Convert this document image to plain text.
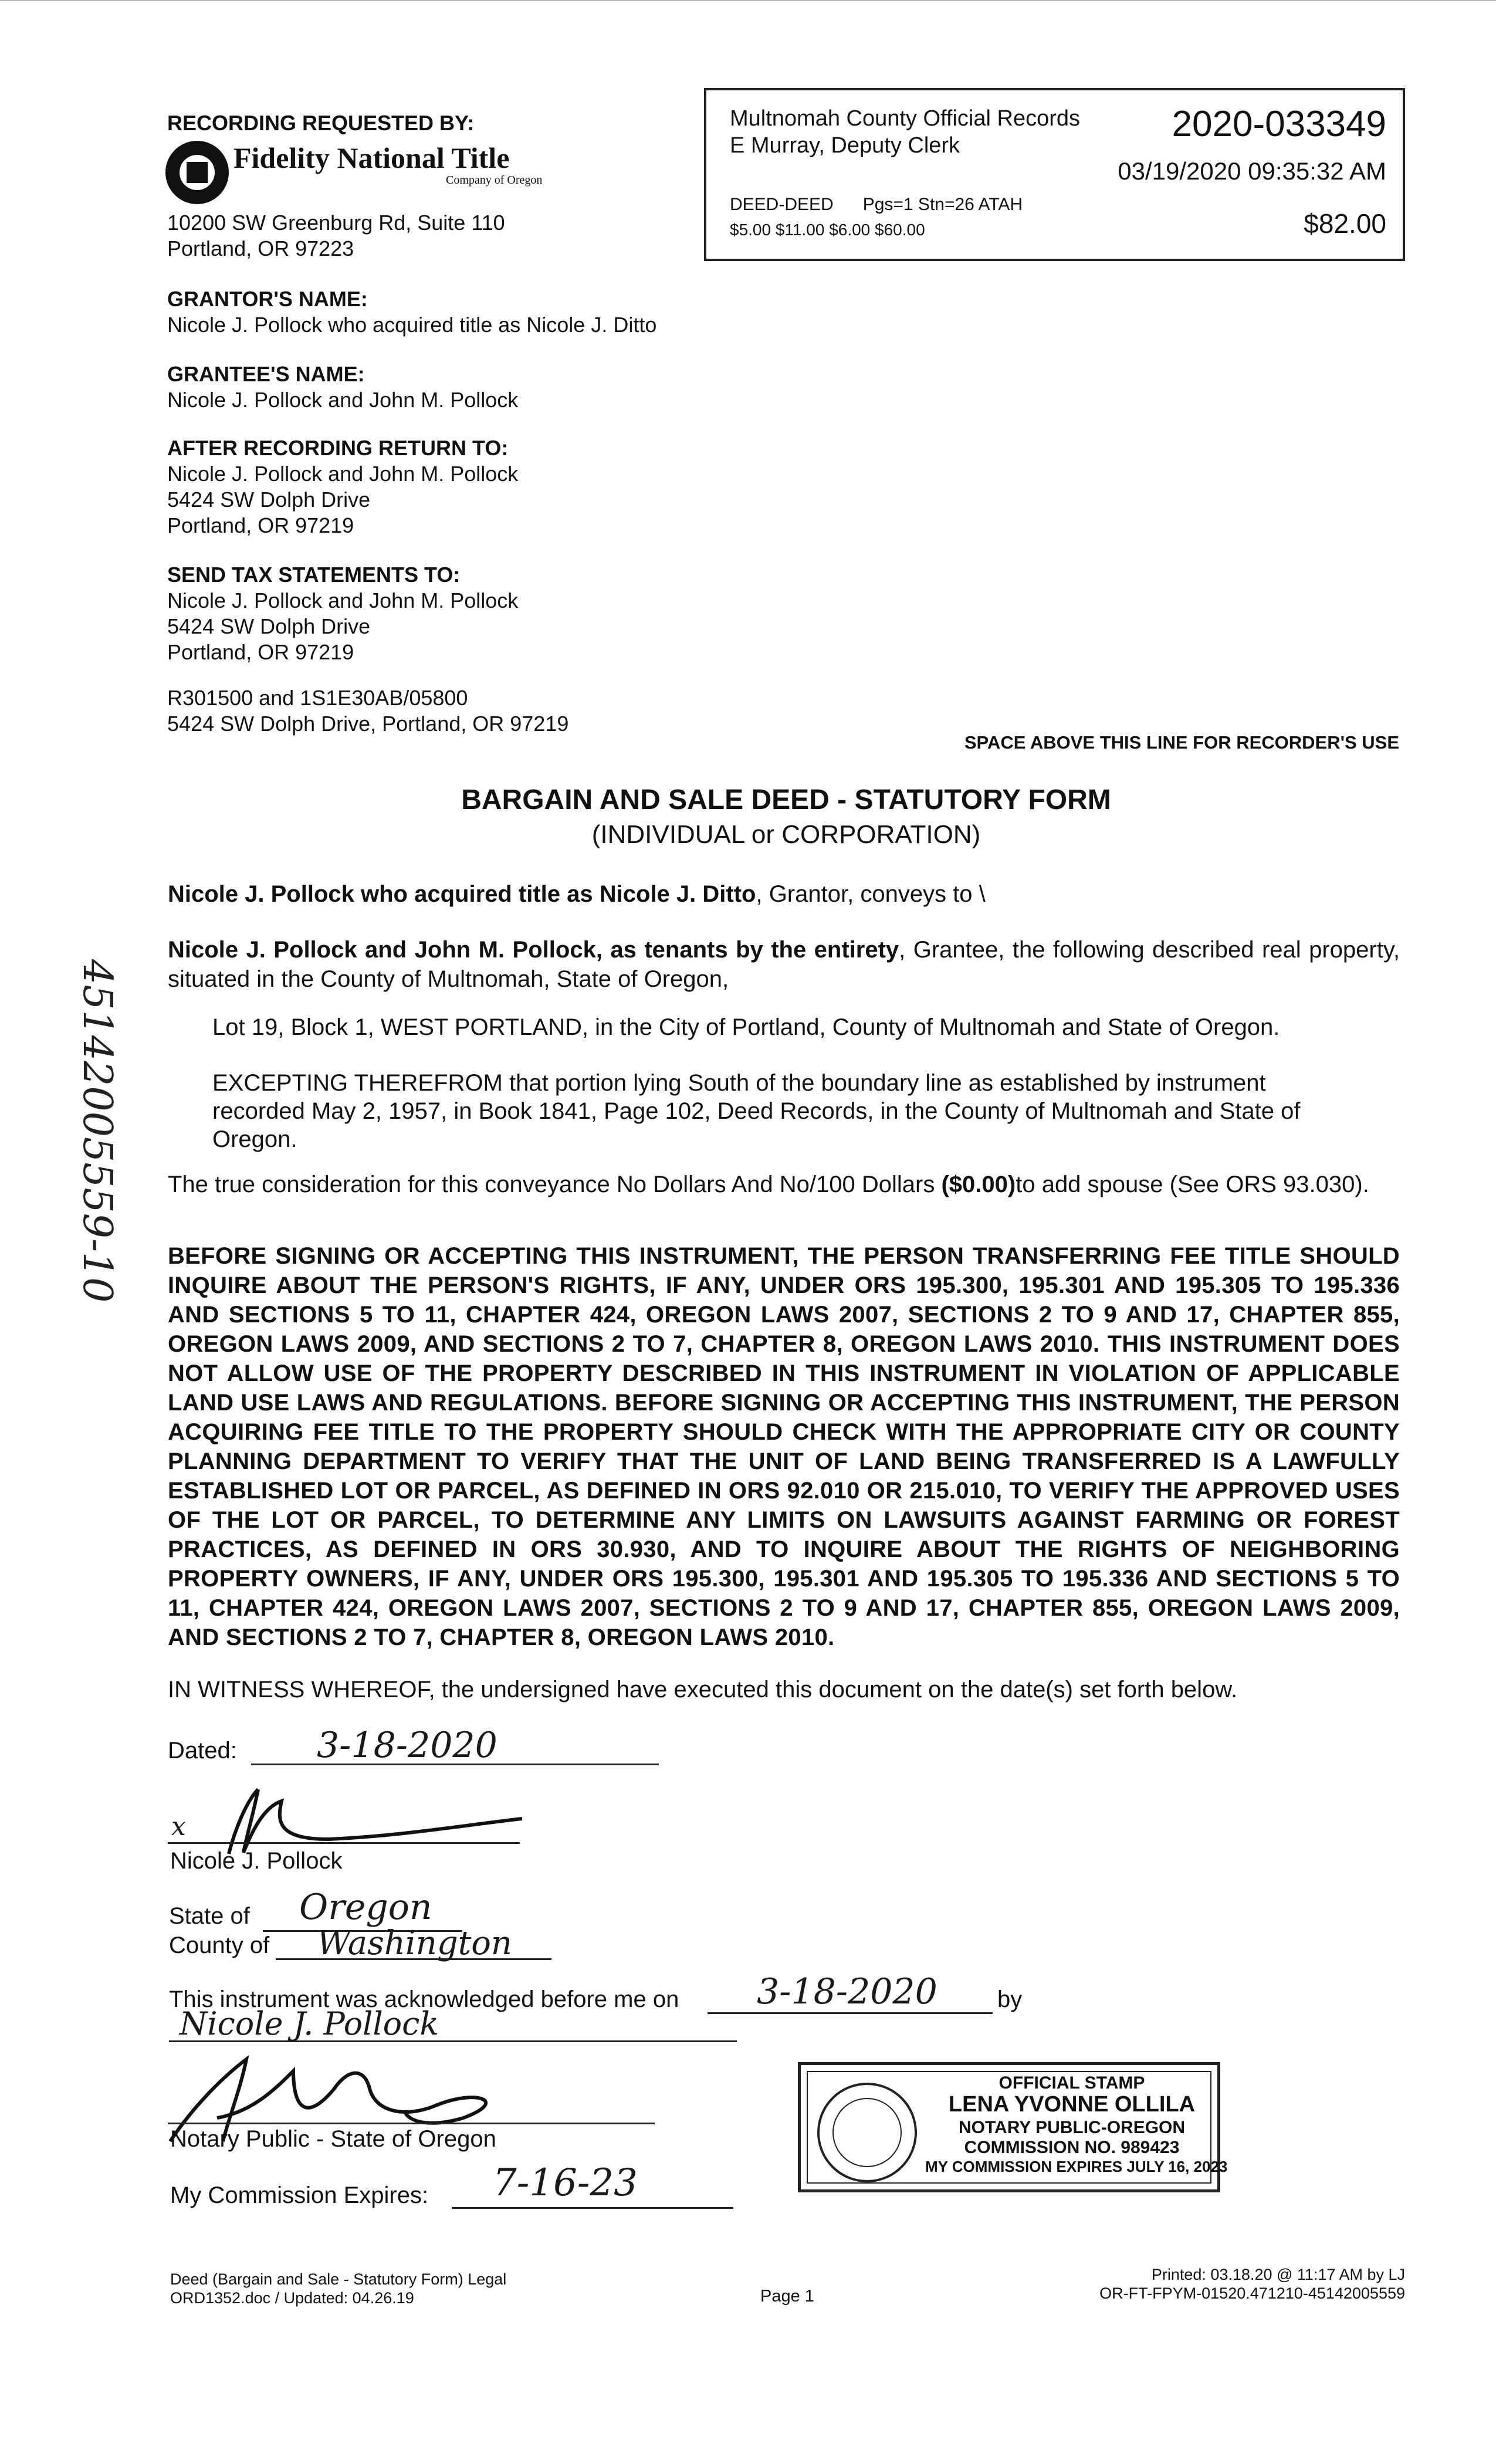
RECORDING REQUESTED BY:
Fidelity National Title
Company of Oregon
10200 SW Greenburg Rd, Suite 110
Portland, OR 97223
GRANTOR'S NAME:
Nicole J. Pollock who acquired title as Nicole J. Ditto
GRANTEE'S NAME:
Nicole J. Pollock and John M. Pollock
AFTER RECORDING RETURN TO:
Nicole J. Pollock and John M. Pollock
5424 SW Dolph Drive
Portland, OR 97219
SEND TAX STATEMENTS TO:
Nicole J. Pollock and John M. Pollock
5424 SW Dolph Drive
Portland, OR 97219
R301500 and 1S1E30AB/05800
5424 SW Dolph Drive, Portland, OR 97219
Multnomah County Official Records
E Murray, Deputy Clerk
2020-033349
03/19/2020 09:35:32 AM
DEED-DEED      Pgs=1 Stn=26 ATAH
$5.00 $11.00 $6.00 $60.00	$82.00
SPACE ABOVE THIS LINE FOR RECORDER'S USE
BARGAIN AND SALE DEED - STATUTORY FORM
(INDIVIDUAL or CORPORATION)
Nicole J. Pollock who acquired title as Nicole J. Ditto, Grantor, conveys to \
Nicole J. Pollock and John M. Pollock, as tenants by the entirety, Grantee, the following described real property, situated in the County of Multnomah, State of Oregon,
Lot 19, Block 1, WEST PORTLAND, in the City of Portland, County of Multnomah and State of Oregon.
EXCEPTING THEREFROM that portion lying South of the boundary line as established by instrument recorded May 2, 1957, in Book 1841, Page 102, Deed Records, in the County of Multnomah and State of Oregon.
The true consideration for this conveyance No Dollars And No/100 Dollars ($0.00)to add spouse (See ORS 93.030).
BEFORE SIGNING OR ACCEPTING THIS INSTRUMENT, THE PERSON TRANSFERRING FEE TITLE SHOULD INQUIRE ABOUT THE PERSON'S RIGHTS, IF ANY, UNDER ORS 195.300, 195.301 AND 195.305 TO 195.336 AND SECTIONS 5 TO 11, CHAPTER 424, OREGON LAWS 2007, SECTIONS 2 TO 9 AND 17, CHAPTER 855, OREGON LAWS 2009, AND SECTIONS 2 TO 7, CHAPTER 8, OREGON LAWS 2010. THIS INSTRUMENT DOES NOT ALLOW USE OF THE PROPERTY DESCRIBED IN THIS INSTRUMENT IN VIOLATION OF APPLICABLE LAND USE LAWS AND REGULATIONS. BEFORE SIGNING OR ACCEPTING THIS INSTRUMENT, THE PERSON ACQUIRING FEE TITLE TO THE PROPERTY SHOULD CHECK WITH THE APPROPRIATE CITY OR COUNTY PLANNING DEPARTMENT TO VERIFY THAT THE UNIT OF LAND BEING TRANSFERRED IS A LAWFULLY ESTABLISHED LOT OR PARCEL, AS DEFINED IN ORS 92.010 OR 215.010, TO VERIFY THE APPROVED USES OF THE LOT OR PARCEL, TO DETERMINE ANY LIMITS ON LAWSUITS AGAINST FARMING OR FOREST PRACTICES, AS DEFINED IN ORS 30.930, AND TO INQUIRE ABOUT THE RIGHTS OF NEIGHBORING PROPERTY OWNERS, IF ANY, UNDER ORS 195.300, 195.301 AND 195.305 TO 195.336 AND SECTIONS 5 TO 11, CHAPTER 424, OREGON LAWS 2007, SECTIONS 2 TO 9 AND 17, CHAPTER 855, OREGON LAWS 2009, AND SECTIONS 2 TO 7, CHAPTER 8, OREGON LAWS 2010.
IN WITNESS WHEREOF, the undersigned have executed this document on the date(s) set forth below.
Dated: 3-18-2020
x
Nicole J. Pollock
State of Oregon
County of Washington
This instrument was acknowledged before me on 3-18-2020	by
Nicole J. Pollock
Notary Public - State of Oregon
My Commission Expires: 7-16-23
OFFICIAL STAMP
LENA YVONNE OLLILA
NOTARY PUBLIC-OREGON
COMMISSION NO. 989423
MY COMMISSION EXPIRES JULY 16, 2023
45142005559-10
Deed (Bargain and Sale - Statutory Form) Legal
ORD1352.doc / Updated: 04.26.19	Page 1
Printed: 03.18.20 @ 11:17 AM by LJ
OR-FT-FPYM-01520.471210-45142005559
